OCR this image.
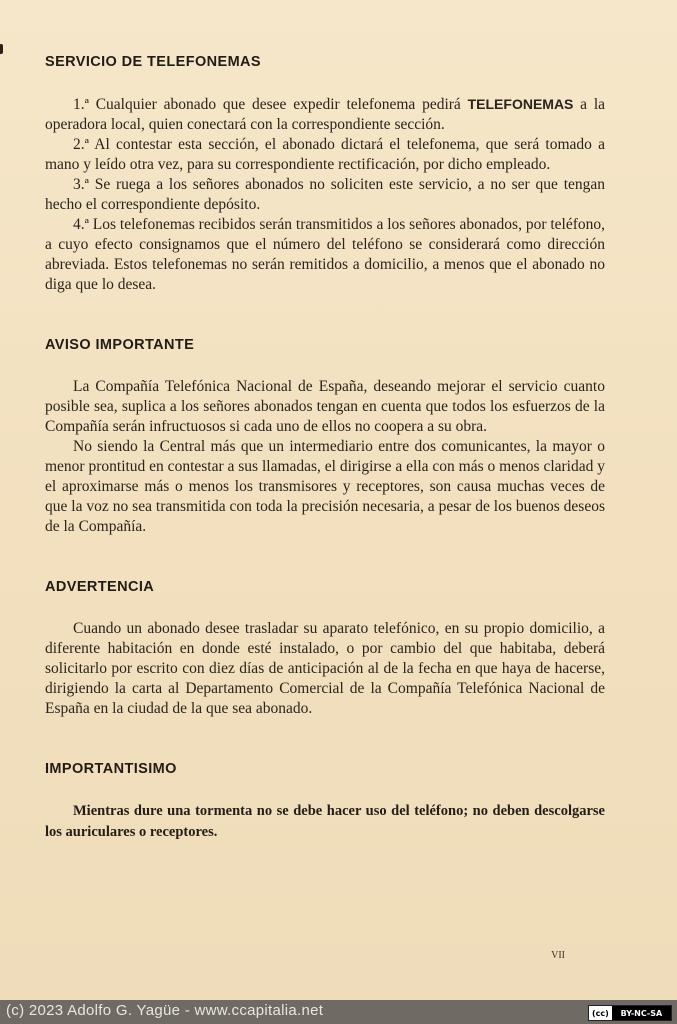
SERVICIO DE TELEFONEMAS

1.ª Cualquier abonado que desee expedir telefonema pedirá TELEFONEMAS a la operadora local, quien conectará con la correspondiente sección.

2.ª Al contestar esta sección, el abonado dictará el telefonema, que será tomado a mano y leído otra vez, para su correspondiente rectificación, por dicho empleado.

3.ª Se ruega a los señores abonados no soliciten este servicio, a no ser que tengan hecho el correspondiente depósito.

4.ª Los telefonemas recibidos serán transmitidos a los señores abonados, por teléfono, a cuyo efecto consignamos que el número del teléfono se considerará como dirección abreviada. Estos telefonemas no serán remitidos a domicilio, a menos que el abonado no diga que lo desea.

AVISO IMPORTANTE

La Compañía Telefónica Nacional de España, deseando mejorar el servicio cuanto posible sea, suplica a los señores abonados tengan en cuenta que todos los esfuerzos de la Compañía serán infructuosos si cada uno de ellos no coopera a su obra.

No siendo la Central más que un intermediario entre dos comunicantes, la mayor o menor prontitud en contestar a sus llamadas, el dirigirse a ella con más o menos claridad y el aproximarse más o menos los transmisores y receptores, son causa muchas veces de que la voz no sea transmitida con toda la precisión necesaria, a pesar de los buenos deseos de la Compañía.

ADVERTENCIA

Cuando un abonado desee trasladar su aparato telefónico, en su propio domicilio, a diferente habitación en donde esté instalado, o por cambio del que habitaba, deberá solicitarlo por escrito con diez días de anticipación al de la fecha en que haya de hacerse, dirigiendo la carta al Departamento Comercial de la Compañía Telefónica Nacional de España en la ciudad de la que sea abonado.

IMPORTANTISIMO

Mientras dure una tormenta no se debe hacer uso del teléfono; no deben descolgarse los auriculares o receptores.

VII
(c) 2023 Adolfo G. Yagüe - www.ccapitalia.net	(cc)	BY-NC-SA
